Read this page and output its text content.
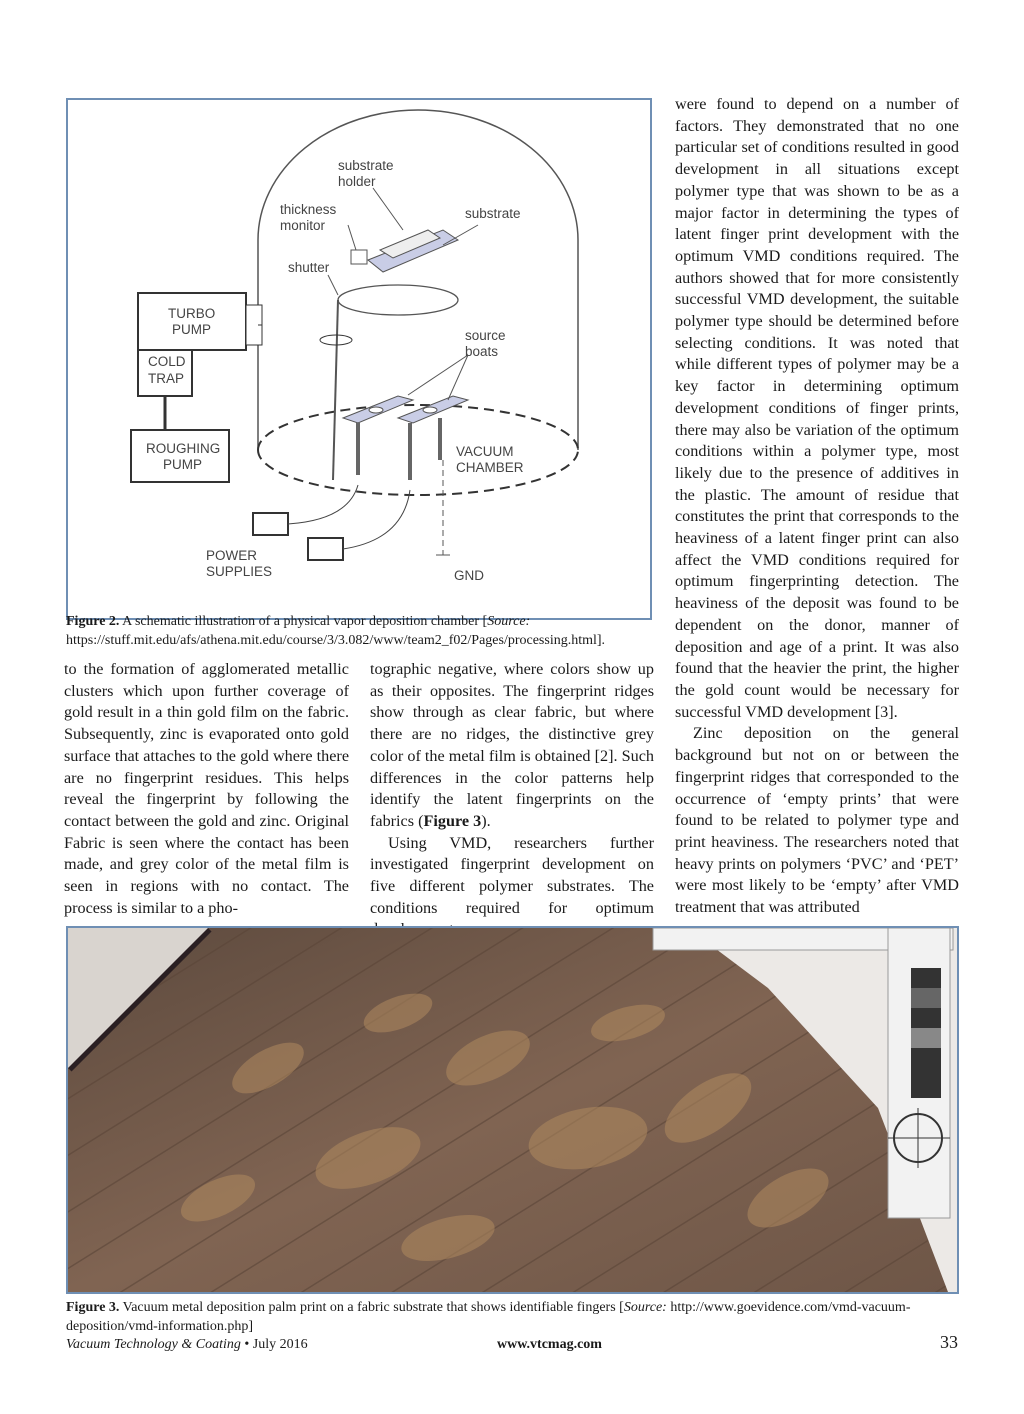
substrate
holder
thickness
monitor
substrate
shutter
TURBO
PUMP
COLD
TRAP
source
boats
ROUGHING
PUMP
VACUUM
CHAMBER
POWER
SUPPLIES	GND
Figure 2. A schematic illustration of a physical vapor deposition chamber [Source: https://stuff.mit.edu/afs/athena.mit.edu/course/3/3.082/www/team2_f02/Pages/processing.html].

to the formation of agglomerated metallic clusters which upon further coverage of gold result in a thin gold film on the fabric. Subsequently, zinc is evaporated onto gold surface that attaches to the gold where there are no fingerprint residues. This helps reveal the fingerprint by following the contact between the gold and zinc. Original Fabric is seen where the contact has been made, and grey color of the metal film is seen in regions with no contact. The process is similar to a pho-

tographic negative, where colors show up as their opposites. The fingerprint ridges show through as clear fabric, but where there are no ridges, the distinctive grey color of the metal film is obtained [2]. Such differences in the color patterns help identify the latent fingerprints on the fabrics (Figure 3).

Using VMD, researchers further investigated fingerprint development on five different polymer substrates. The conditions required for optimum

were found to depend on a number of factors. They demonstrated that no one particular set of conditions resulted in good development in all situations except polymer type that was shown to be as a major factor in determining the types of latent finger print development with the optimum VMD conditions required. The authors showed that for more consistently successful VMD development, the suitable polymer type should be determined before selecting conditions. It was noted that while different types of polymer may be a key factor in determining optimum development conditions of finger prints, there may also be variation of the optimum conditions within a polymer type, most likely due to the presence of additives in the plastic. The amount of residue that constitutes the print that corresponds to the heaviness of a latent finger print can also affect the VMD conditions required for optimum fingerprinting detection. The heaviness of the deposit was found to be dependent on the donor, manner of deposition and age of a print. It was also found that the heavier the print, the higher the gold count would be necessary for successful VMD development [3].

Zinc deposition on the general background but not on or between the fingerprint ridges that corresponded to the occurrence of ‘empty prints’ that were found to be related to polymer type and print heaviness. The researchers noted that heavy prints on polymers ‘PVC’ and ‘PET’ were most likely to be ‘empty’ after VMD treatment that was attributed

Figure 3. Vacuum metal deposition palm print on a fabric substrate that shows identifiable fingers [Source: http://www.goevidence.com/vmd-vacuum-deposition/vmd-information.php]
Vacuum Technology & Coating • July 2016	www.vtcmag.com	33
